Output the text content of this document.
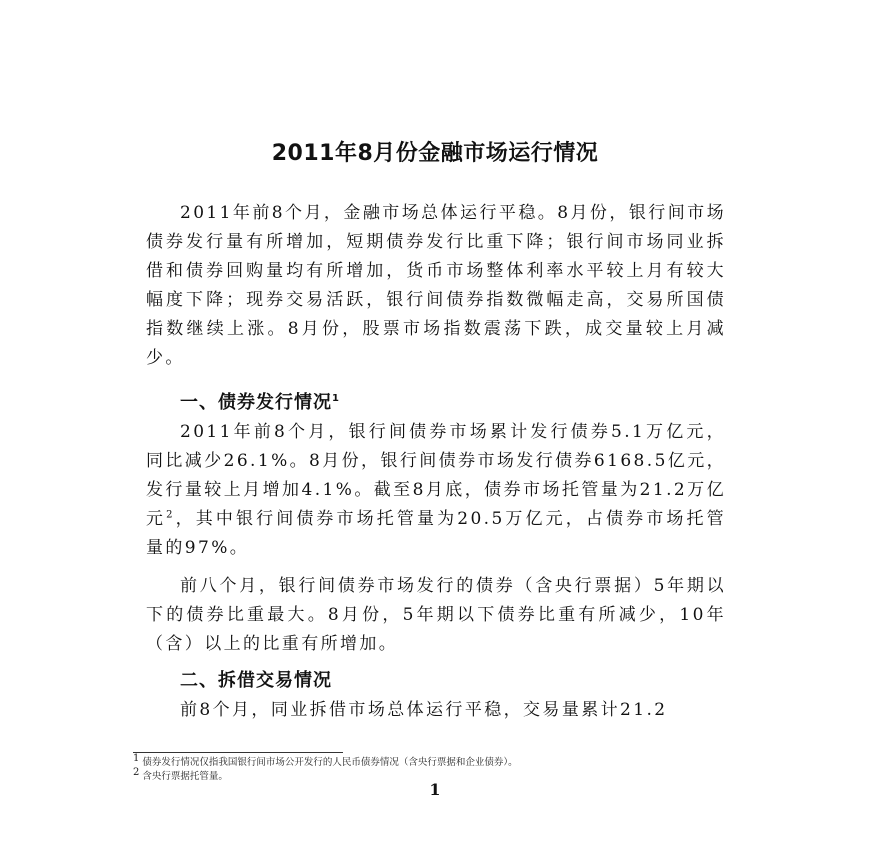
2011年8月份金融市场运行情况

2011年前8个月，金融市场总体运行平稳。8月份，银行间市场债券发行量有所增加，短期债券发行比重下降；银行间市场同业拆借和债券回购量均有所增加，货币市场整体利率水平较上月有较大幅度下降；现券交易活跃，银行间债券指数微幅走高，交易所国债指数继续上涨。8月份，股票市场指数震荡下跌，成交量较上月减少。

一、债券发行情况$^1$

2011年前8个月，银行间债券市场累计发行债券5.1万亿元，同比减少26.1%。8月份，银行间债券市场发行债券6168.5亿元，发行量较上月增加4.1%。截至8月底，债券市场托管量为21.2万亿元$^2$，其中银行间债券市场托管量为20.5万亿元，占债券市场托管量的97%。

前八个月，银行间债券市场发行的债券（含央行票据）5年期以下的债券比重最大。8月份，5年期以下债券比重有所减少，10年（含）以上的比重有所增加。

二、拆借交易情况

前8个月，同业拆借市场总体运行平稳，交易量累计21.2

$^1$ 债券发行情况仅指我国银行间市场公开发行的人民币债券情况（含央行票据和企业债券）。
$^2$ 含央行票据托管量。
1
